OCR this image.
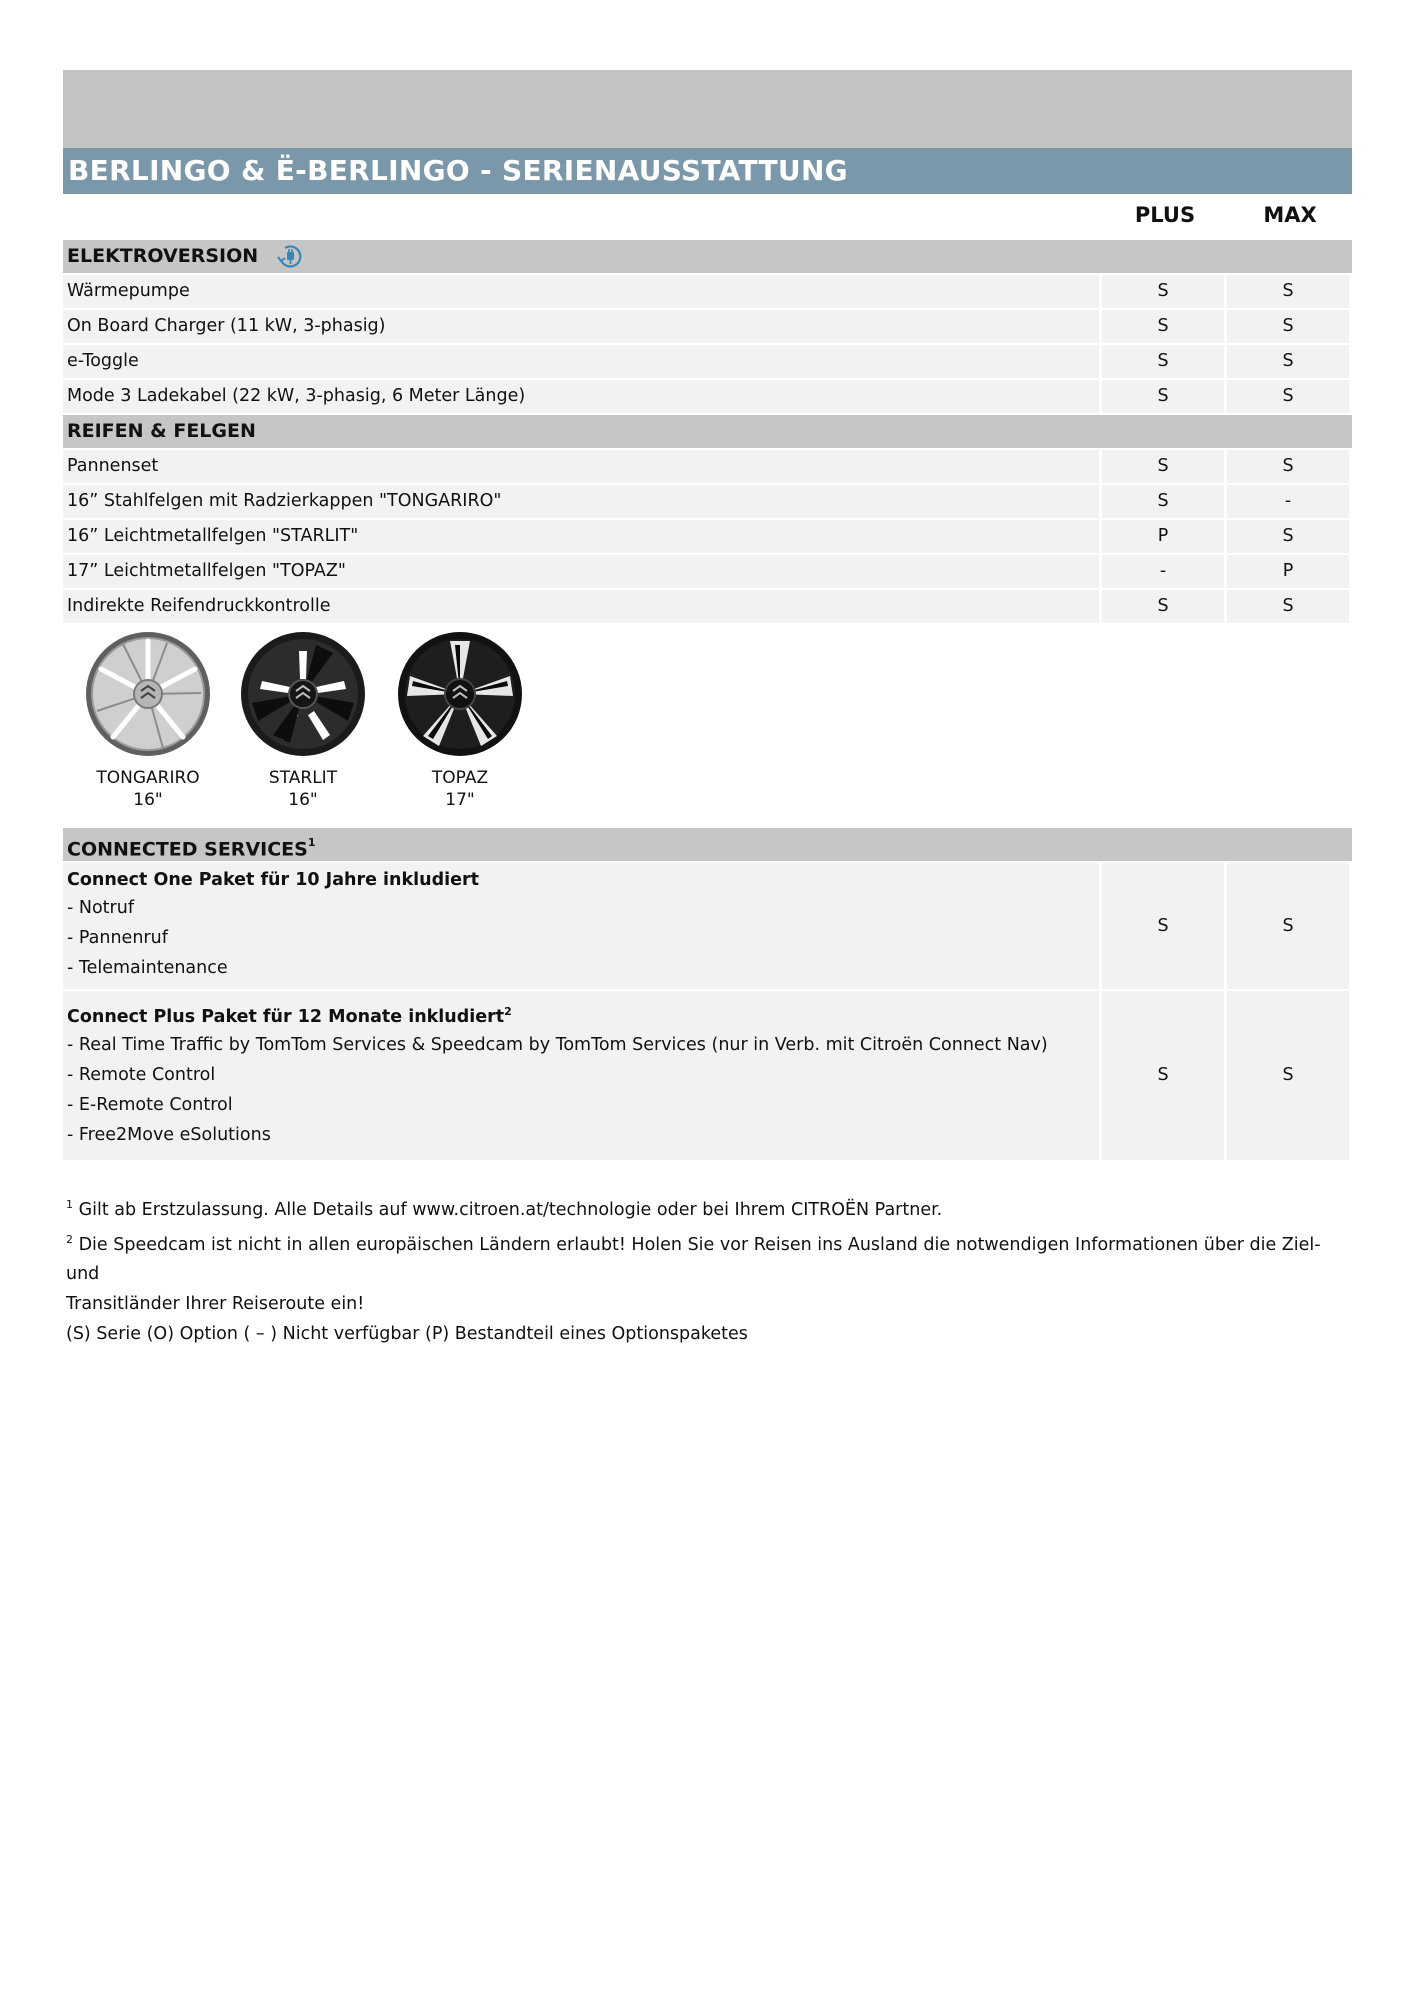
BERLINGO & Ë-BERLINGO - SERIENAUSSTATTUNG
PLUS	MAX
ELEKTROVERSION
Wärmepumpe	S	S
On Board Charger (11 kW, 3-phasig)	S	S
e-Toggle	S	S
Mode 3 Ladekabel (22 kW, 3-phasig, 6 Meter Länge)	S	S
REIFEN & FELGEN
Pannenset	S	S
16” Stahlfelgen mit Radzierkappen "TONGARIRO"	S	-
16” Leichtmetallfelgen "STARLIT"	P	S
17” Leichtmetallfelgen "TOPAZ"	-	P
Indirekte Reifendruckkontrolle	S	S
TONGARIRO
16"
STARLIT
16"
TOPAZ
17"
CONNECTED SERVICES$^1$
Connect One Paket für 10 Jahre inkludiert
- Notruf
- Pannenruf
- Telemaintenance
S	S
Connect Plus Paket für 12 Monate inkludiert$^2$
- Real Time Traffic by TomTom Services & Speedcam by TomTom Services (nur in Verb. mit Citroën Connect Nav)
- Remote Control
- E-Remote Control
- Free2Move eSolutions
S	S
$^1$ Gilt ab Erstzulassung. Alle Details auf www.citroen.at/technologie oder bei Ihrem CITROËN Partner.
$^2$ Die Speedcam ist nicht in allen europäischen Ländern erlaubt! Holen Sie vor Reisen ins Ausland die notwendigen Informationen über die Ziel- und
Transitländer Ihrer Reiseroute ein!
(S) Serie (O) Option ( – ) Nicht verfügbar (P) Bestandteil eines Optionspaketes
